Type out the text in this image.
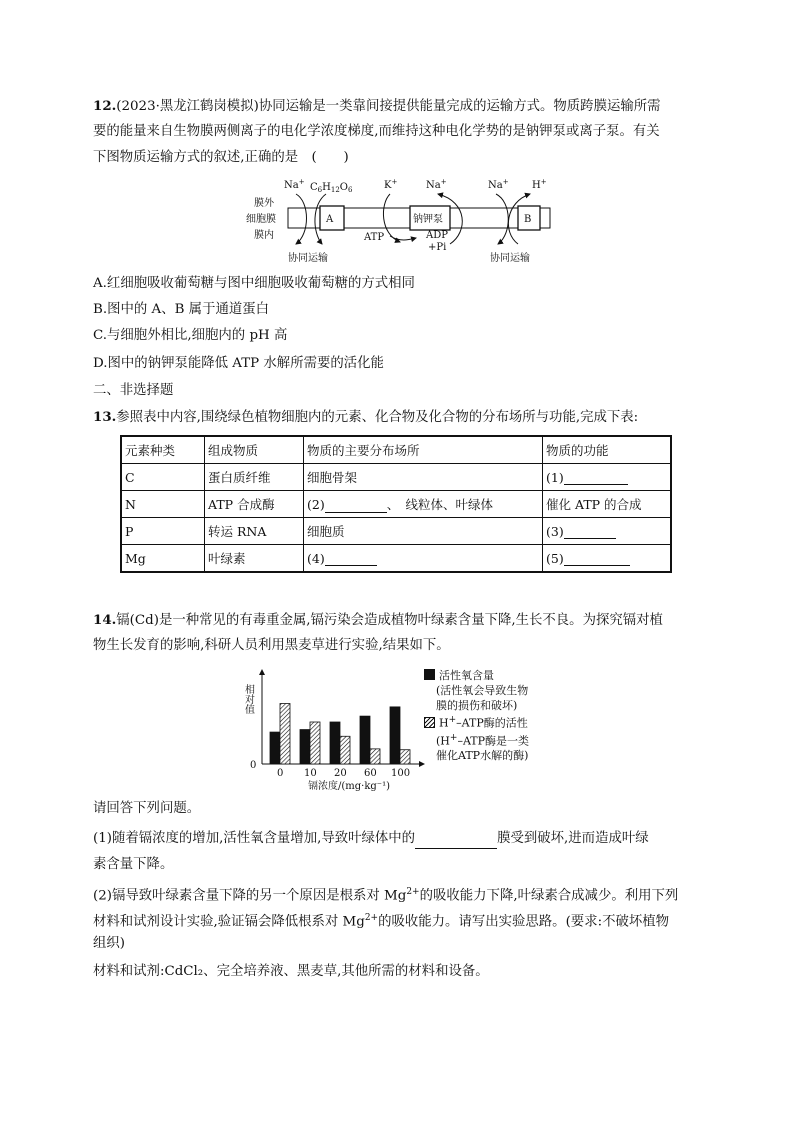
12.(2023·黑龙江鹤岗模拟)协同运输是一类靠间接提供能量完成的运输方式。物质跨膜运输所需
要的能量来自生物膜两侧离子的电化学浓度梯度,而维持这种电化学势的是钠钾泵或离子泵。有关
下图物质运输方式的叙述,正确的是　(　　)
膜外
细胞膜
膜内
A	钠钾泵	B
Na+ $C_6H_{12}O_6$	K+	Na+	Na+ H+
ATP	ADP
+Pi
协同运输	协同运输
A.红细胞吸收葡萄糖与图中细胞吸收葡萄糖的方式相同
B.图中的 A、B 属于通道蛋白
C.与细胞外相比,细胞内的 pH 高
D.图中的钠钾泵能降低 ATP 水解所需要的活化能
二、非选择题
13.参照表中内容,围绕绿色植物细胞内的元素、化合物及化合物的分布场所与功能,完成下表:
元素种类	组成物质	物质的主要分布场所	物质的功能
C	蛋白质纤维	细胞骨架	(1)
N	ATP 合成酶	(2) 、　线粒体、叶绿体	催化 ATP 的合成
P	转运 RNA	细胞质	(3)
Mg	叶绿素	(4)	(5)
14.镉(Cd)是一种常见的有毒重金属,镉污染会造成植物叶绿素含量下降,生长不良。为探究镉对植
物生长发育的影响,科研人员利用黑麦草进行实验,结果如下。
相对值
0
0 10 20 60 100
镉浓度/(mg·kg⁻¹)
活性氧含量
(活性氧会导致生物
膜的损伤和破坏)
H+–ATP酶的活性
(H+–ATP酶是一类
催化ATP水解的酶)
请回答下列问题。
(1)随着镉浓度的增加,活性氧含量增加,导致叶绿体中的	膜受到破坏,进而造成叶绿
素含量下降。
(2)镉导致叶绿素含量下降的另一个原因是根系对 $Mg^{2+}$的吸收能力下降,叶绿素合成减少。利用下列
材料和试剂设计实验,验证镉会降低根系对 $Mg^{2+}$的吸收能力。请写出实验思路。(要求:不破坏植物
组织)
材料和试剂:CdCl₂、完全培养液、黑麦草,其他所需的材料和设备。
